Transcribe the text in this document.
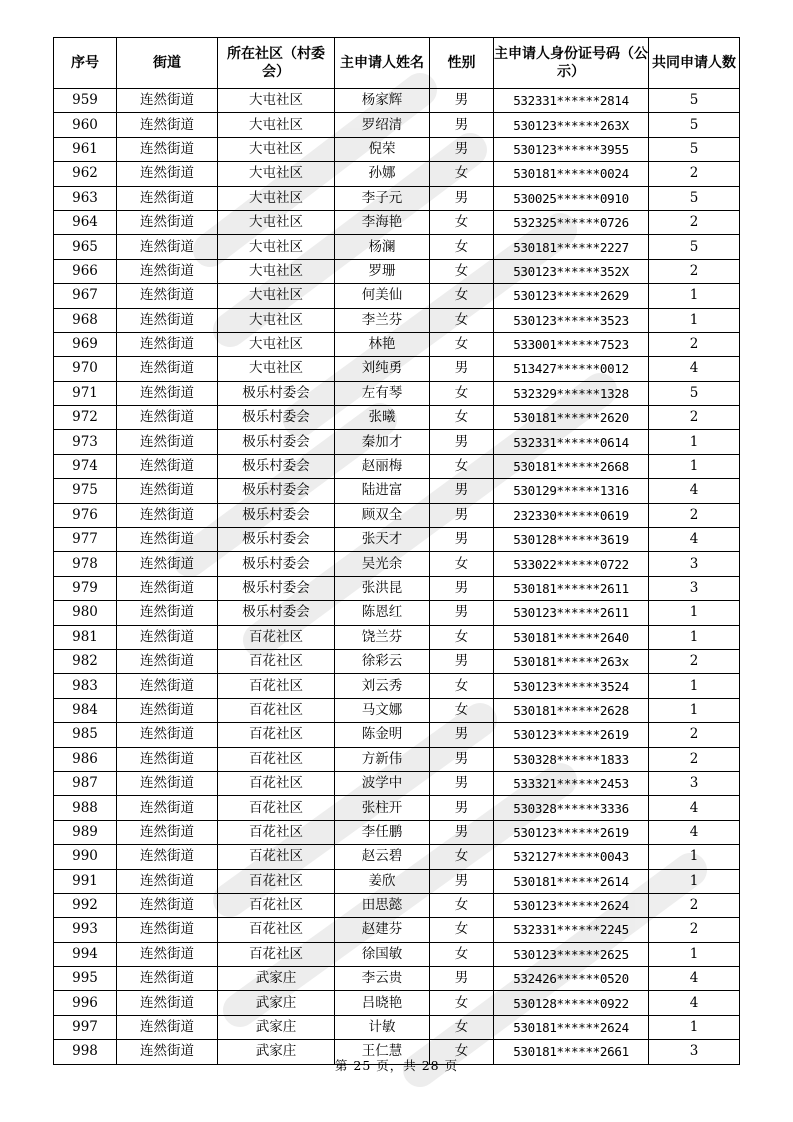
序号	街道	所在社区（村委会）	主申请人姓名	性别	主申请人身份证号码（公示）	共同申请人数
959	连然街道	大屯社区	杨家辉	男	532331******2814	5
960	连然街道	大屯社区	罗绍清	男	530123******263X	5
961	连然街道	大屯社区	倪荣	男	530123******3955	5
962	连然街道	大屯社区	孙娜	女	530181******0024	2
963	连然街道	大屯社区	李子元	男	530025******0910	5
964	连然街道	大屯社区	李海艳	女	532325******0726	2
965	连然街道	大屯社区	杨澜	女	530181******2227	5
966	连然街道	大屯社区	罗珊	女	530123******352X	2
967	连然街道	大屯社区	何美仙	女	530123******2629	1
968	连然街道	大屯社区	李兰芬	女	530123******3523	1
969	连然街道	大屯社区	林艳	女	533001******7523	2
970	连然街道	大屯社区	刘纯勇	男	513427******0012	4
971	连然街道	极乐村委会	左有琴	女	532329******1328	5
972	连然街道	极乐村委会	张曦	女	530181******2620	2
973	连然街道	极乐村委会	秦加才	男	532331******0614	1
974	连然街道	极乐村委会	赵丽梅	女	530181******2668	1
975	连然街道	极乐村委会	陆进富	男	530129******1316	4
976	连然街道	极乐村委会	顾双全	男	232330******0619	2
977	连然街道	极乐村委会	张天才	男	530128******3619	4
978	连然街道	极乐村委会	吴光余	女	533022******0722	3
979	连然街道	极乐村委会	张洪昆	男	530181******2611	3
980	连然街道	极乐村委会	陈恩红	男	530123******2611	1
981	连然街道	百花社区	饶兰芬	女	530181******2640	1
982	连然街道	百花社区	徐彩云	男	530181******263x	2
983	连然街道	百花社区	刘云秀	女	530123******3524	1
984	连然街道	百花社区	马文娜	女	530181******2628	1
985	连然街道	百花社区	陈金明	男	530123******2619	2
986	连然街道	百花社区	方新伟	男	530328******1833	2
987	连然街道	百花社区	波学中	男	533321******2453	3
988	连然街道	百花社区	张柱开	男	530328******3336	4
989	连然街道	百花社区	李任鹏	男	530123******2619	4
990	连然街道	百花社区	赵云碧	女	532127******0043	1
991	连然街道	百花社区	姜欣	男	530181******2614	1
992	连然街道	百花社区	田思懿	女	530123******2624	2
993	连然街道	百花社区	赵建芬	女	532331******2245	2
994	连然街道	百花社区	徐国敏	女	530123******2625	1
995	连然街道	武家庄	李云贵	男	532426******0520	4
996	连然街道	武家庄	吕晓艳	女	530128******0922	4
997	连然街道	武家庄	计敏	女	530181******2624	1
998	连然街道	武家庄	王仁慧	女	530181******2661	3
第 25 页，共 28 页
